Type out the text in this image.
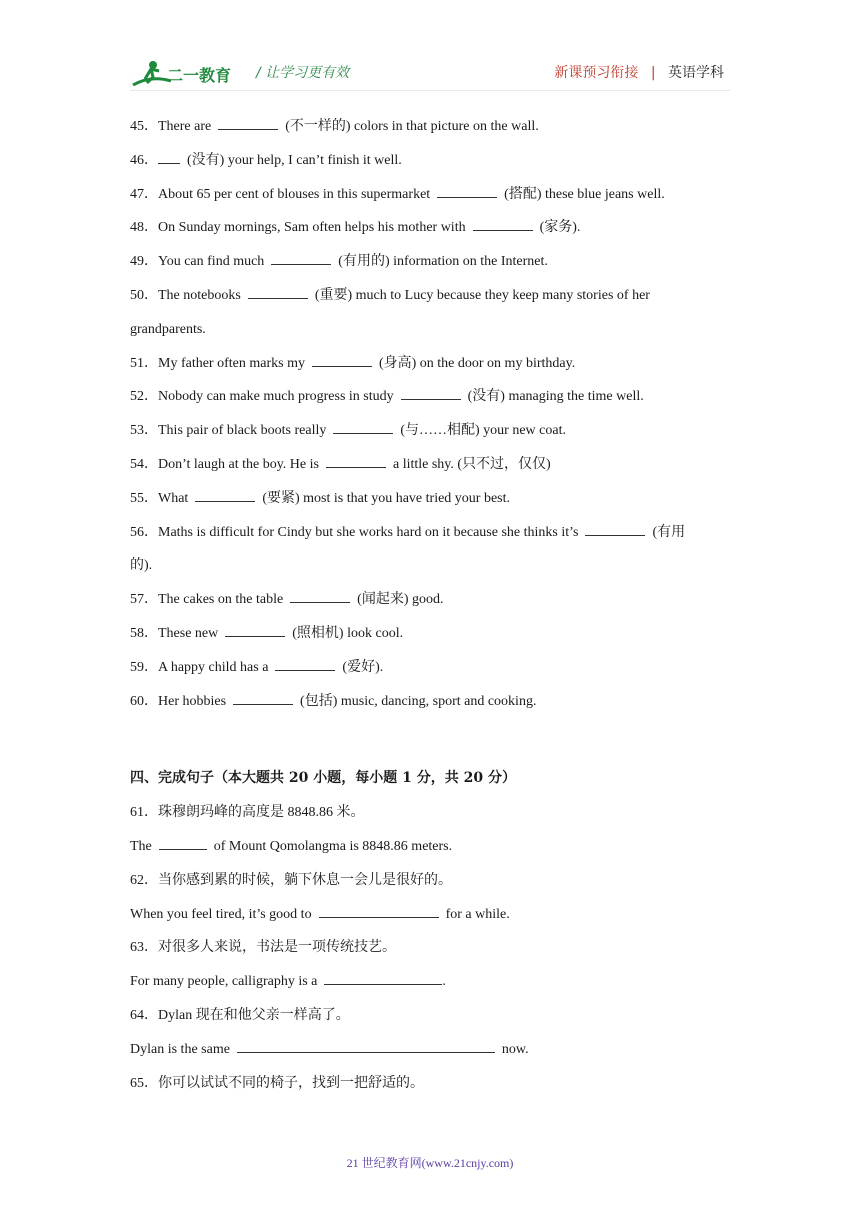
二一教育 / 让学习更有效	新课预习衔接 | 英语学科
45．There are	(不一样的) colors in that picture on the wall.
46． (没有) your help, I can’t finish it well.
47．About 65 per cent of blouses in this supermarket	(搭配) these blue jeans well.
48．On Sunday mornings, Sam often helps his mother with	(家务).
49．You can find much	(有用的) information on the Internet.
50．The notebooks	(重要) much to Lucy because they keep many stories of her
grandparents.
51．My father often marks my	(身高) on the door on my birthday.
52．Nobody can make much progress in study	(没有) managing the time well.
53．This pair of black boots really	(与……相配) your new coat.
54．Don’t laugh at the boy. He is	a little shy. (只不过，仅仅)
55．What	(要紧) most is that you have tried your best.
56．Maths is difficult for Cindy but she works hard on it because she thinks it’s	(有用
的).
57．The cakes on the table	(闻起来) good.
58．These new	(照相机) look cool.
59．A happy child has a	(爱好).
60．Her hobbies	(包括) music, dancing, sport and cooking.
四、完成句子（本大题共 20 小题，每小题 1 分，共 20 分）
61．珠穆朗玛峰的高度是 8848.86 米。
The	of Mount Qomolangma is 8848.86 meters.
62．当你感到累的时候，躺下休息一会儿是很好的。
When you feel tired, it’s good to	for a while.
63．对很多人来说，书法是一项传统技艺。
For many people, calligraphy is a	.
64．Dylan 现在和他父亲一样高了。
Dylan is the same	now.
65．你可以试试不同的椅子，找到一把舒适的。
21 世纪教育网(www.21cnjy.com)
